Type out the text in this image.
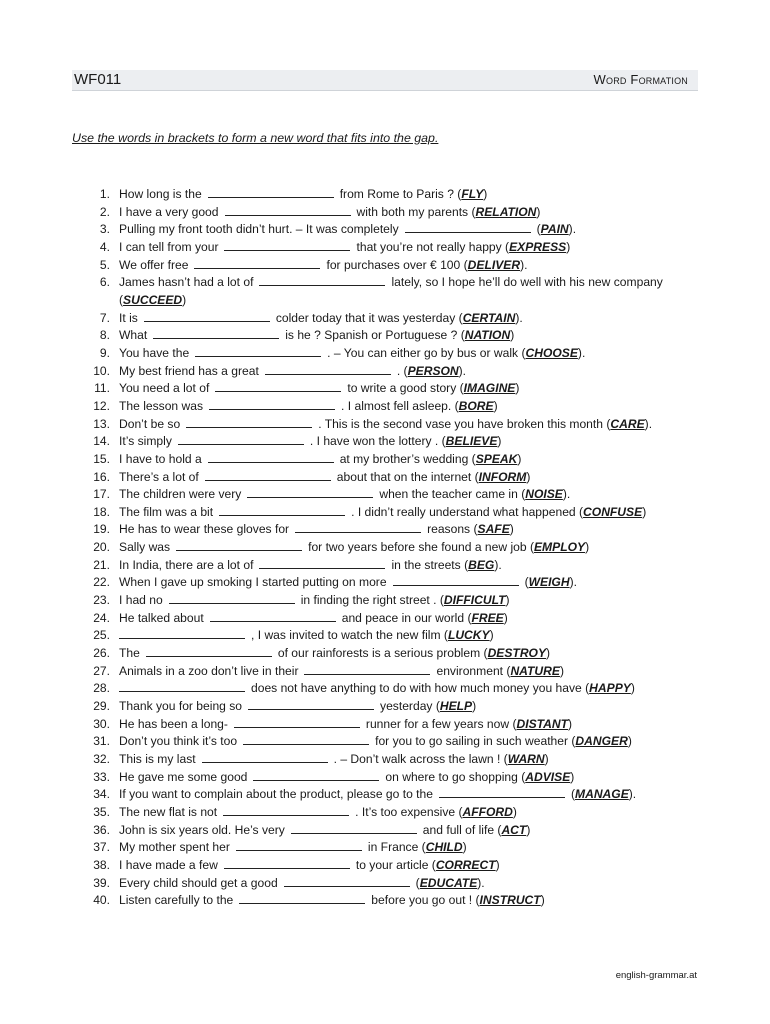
WF011	Word Formation
Use the words in brackets to form a new word that fits into the gap.
1. How long is the	from Rome to Paris ? (FLY)
2. I have a very good	with both my parents (RELATION)
3. Pulling my front tooth didn’t hurt. – It was completely	(PAIN).
4. I can tell from your	that you’re not really happy (EXPRESS)
5. We offer free	for purchases over € 100 (DELIVER).
6. James hasn’t had a lot of	lately, so I hope he’ll do well with his new company (SUCCEED)
7. It is	colder today that it was yesterday (CERTAIN).
8. What	is he ? Spanish or Portuguese ? (NATION)
9. You have the	. – You can either go by bus or walk (CHOOSE).
10. My best friend has a great	. (PERSON).
11. You need a lot of	to write a good story (IMAGINE)
12. The lesson was	. I almost fell asleep. (BORE)
13. Don’t be so	. This is the second vase you have broken this month (CARE).
14. It’s simply	. I have won the lottery . (BELIEVE)
15. I have to hold a	at my brother’s wedding (SPEAK)
16. There’s a lot of	about that on the internet (INFORM)
17. The children were very	when the teacher came in (NOISE).
18. The film was a bit	. I didn’t really understand what happened (CONFUSE)
19. He has to wear these gloves for	reasons (SAFE)
20. Sally was	for two years before she found a new job (EMPLOY)
21. In India, there are a lot of	in the streets (BEG).
22. When I gave up smoking I started putting on more	(WEIGH).
23. I had no	in finding the right street . (DIFFICULT)
24. He talked about	and peace in our world (FREE)
25.	, I was invited to watch the new film (LUCKY)
26. The	of our rainforests is a serious problem (DESTROY)
27. Animals in a zoo don’t live in their	environment (NATURE)
28.	does not have anything to do with how much money you have (HAPPY)
29. Thank you for being so	yesterday (HELP)
30. He has been a long-	runner for a few years now (DISTANT)
31. Don’t you think it’s too	for you to go sailing in such weather (DANGER)
32. This is my last	. – Don’t walk across the lawn ! (WARN)
33. He gave me some good	on where to go shopping (ADVISE)
34. If you want to complain about the product, please go to the	(MANAGE).
35. The new flat is not	. It’s too expensive (AFFORD)
36. John is six years old. He’s very	and full of life (ACT)
37. My mother spent her	in France (CHILD)
38. I have made a few	to your article (CORRECT)
39. Every child should get a good	(EDUCATE).
40. Listen carefully to the	before you go out ! (INSTRUCT)
english-grammar.at
